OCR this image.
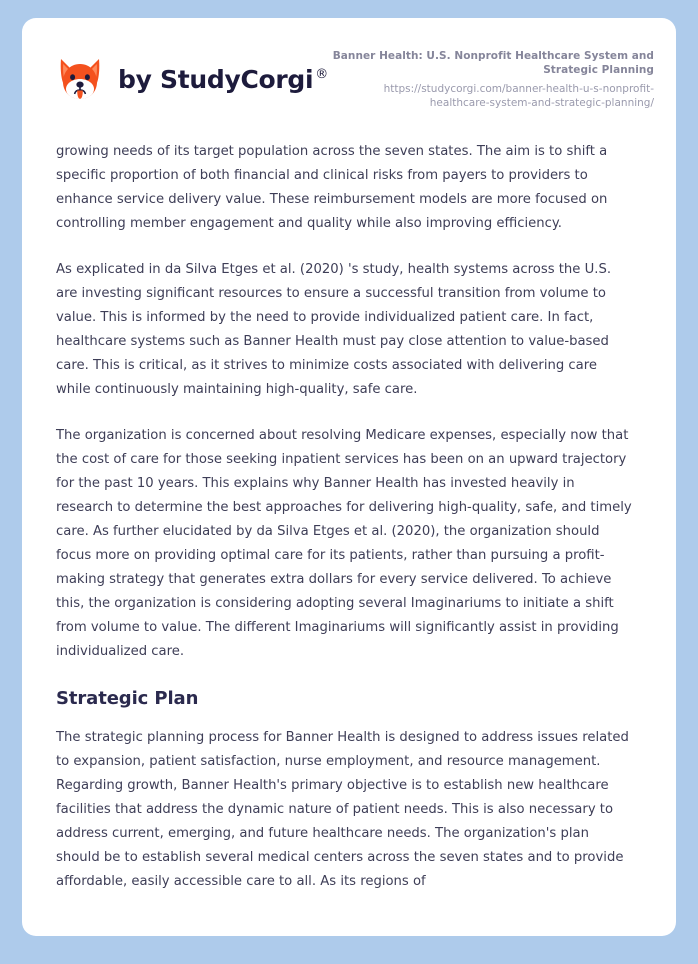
by StudyCorgi ®
Banner Health: U.S. Nonprofit Healthcare System and Strategic Planning
https://studycorgi.com/banner-health-u-s-nonprofit-healthcare-system-and-strategic-planning/

growing needs of its target population across the seven states. The aim is to shift a specific proportion of both financial and clinical risks from payers to providers to enhance service delivery value. These reimbursement models are more focused on controlling member engagement and quality while also improving efficiency.

As explicated in da Silva Etges et al. (2020) 's study, health systems across the U.S. are investing significant resources to ensure a successful transition from volume to value. This is informed by the need to provide individualized patient care. In fact, healthcare systems such as Banner Health must pay close attention to value-based care. This is critical, as it strives to minimize costs associated with delivering care while continuously maintaining high-quality, safe care.

The organization is concerned about resolving Medicare expenses, especially now that the cost of care for those seeking inpatient services has been on an upward trajectory for the past 10 years. This explains why Banner Health has invested heavily in research to determine the best approaches for delivering high-quality, safe, and timely care. As further elucidated by da Silva Etges et al. (2020), the organization should focus more on providing optimal care for its patients, rather than pursuing a profit-making strategy that generates extra dollars for every service delivered. To achieve this, the organization is considering adopting several Imaginariums to initiate a shift from volume to value. The different Imaginariums will significantly assist in providing individualized care.

Strategic Plan

The strategic planning process for Banner Health is designed to address issues related to expansion, patient satisfaction, nurse employment, and resource management. Regarding growth, Banner Health's primary objective is to establish new healthcare facilities that address the dynamic nature of patient needs. This is also necessary to address current, emerging, and future healthcare needs. The organization's plan should be to establish several medical centers across the seven states and to provide affordable, easily accessible care to all. As its regions of
